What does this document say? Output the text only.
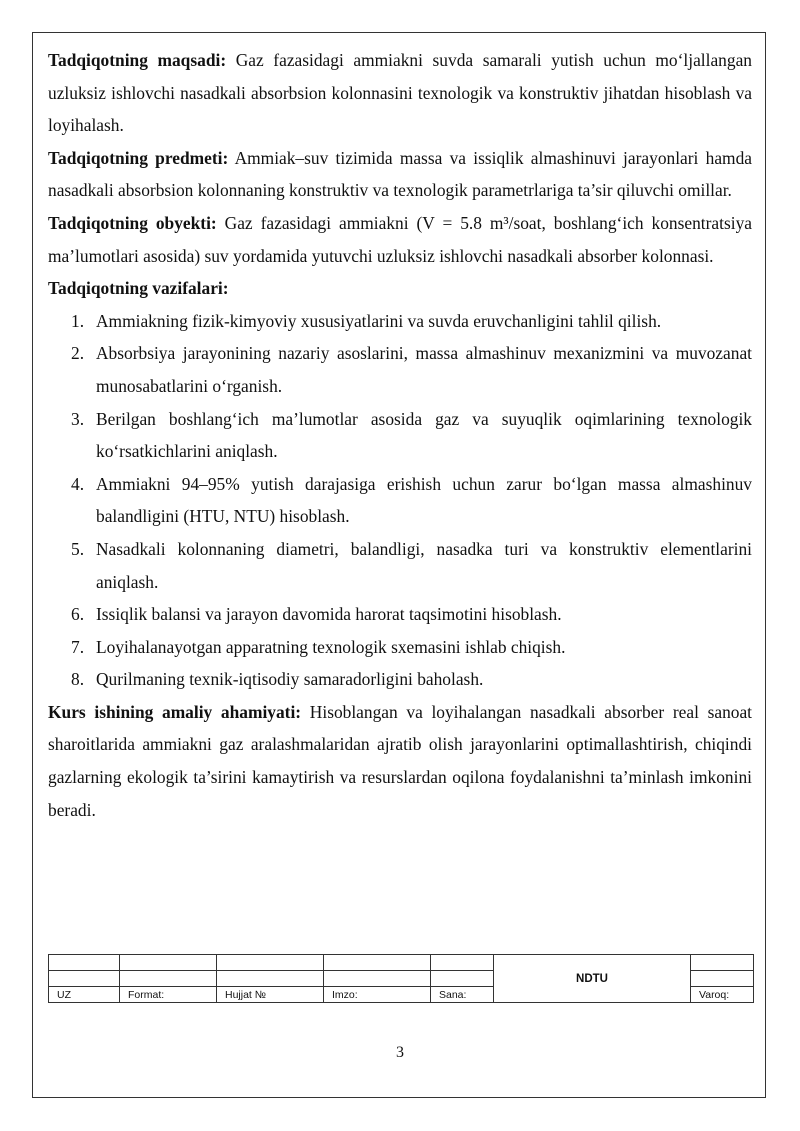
Tadqiqotning maqsadi: Gaz fazasidagi ammiakni suvda samarali yutish uchun mo‘ljallangan uzluksiz ishlovchi nasadkali absorbsion kolonnasini texnologik va konstruktiv jihatdan hisoblash va loyihalash.

Tadqiqotning predmeti: Ammiak–suv tizimida massa va issiqlik almashinuvi jarayonlari hamda nasadkali absorbsion kolonnaning konstruktiv va texnologik parametrlariga ta’sir qiluvchi omillar.

Tadqiqotning obyekti: Gaz fazasidagi ammiakni (V = 5.8 m³/soat, boshlang‘ich konsentratsiya ma’lumotlari asosida) suv yordamida yutuvchi uzluksiz ishlovchi nasadkali absorber kolonnasi.

Tadqiqotning vazifalari:

1. Ammiakning fizik-kimyoviy xususiyatlarini va suvda eruvchanligini tahlil qilish.
2. Absorbsiya jarayonining nazariy asoslarini, massa almashinuv mexanizmini va muvozanat munosabatlarini o‘rganish.
3. Berilgan boshlang‘ich ma’lumotlar asosida gaz va suyuqlik oqimlarining texnologik ko‘rsatkichlarini aniqlash.
4. Ammiakni 94–95% yutish darajasiga erishish uchun zarur bo‘lgan massa almashinuv balandligini (HTU, NTU) hisoblash.
5. Nasadkali kolonnaning diametri, balandligi, nasadka turi va konstruktiv elementlarini aniqlash.
6. Issiqlik balansi va jarayon davomida harorat taqsimotini hisoblash.
7. Loyihalanayotgan apparatning texnologik sxemasini ishlab chiqish.
8. Qurilmaning texnik-iqtisodiy samaradorligini baholash.

Kurs ishining amaliy ahamiyati: Hisoblangan va loyihalangan nasadkali absorber real sanoat sharoitlarida ammiakni gaz aralashmalaridan ajratib olish jarayonlarini optimallashtirish, chiqindi gazlarning ekologik ta’sirini kamaytirish va resurslardan oqilona foydalanishni ta’minlash imkonini beradi.

					NDTU	

UZ	Format:	Hujjat №	Imzo:	Sana:		Varoq:
3
